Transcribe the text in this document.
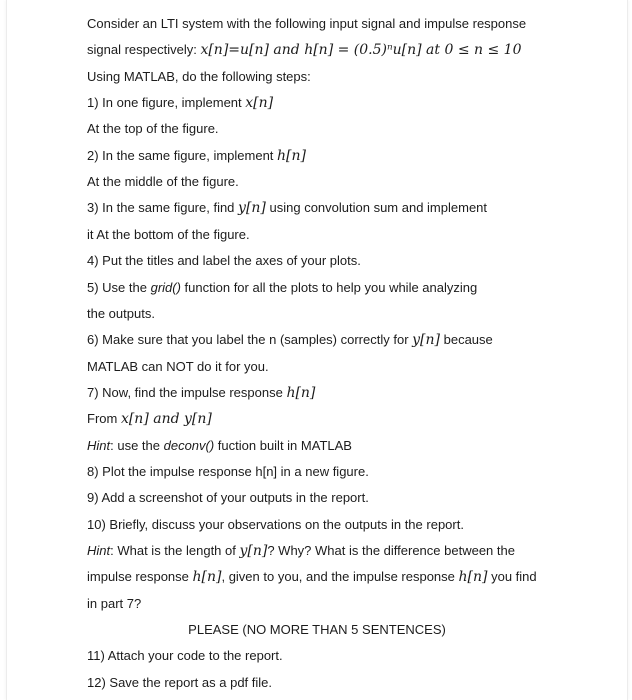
Consider an LTI system with the following input signal and impulse response
signal respectively: x[n]=u[n] and h[n] = (0.5)ⁿu[n] at 0 ≤ n ≤ 10
Using MATLAB, do the following steps:
1) In one figure, implement x[n]
At the top of the figure.
2) In the same figure, implement h[n]
At the middle of the figure.
3) In the same figure, find y[n] using convolution sum and implement
it At the bottom of the figure.
4) Put the titles and label the axes of your plots.
5) Use the grid() function for all the plots to help you while analyzing
the outputs.
6) Make sure that you label the n (samples) correctly for y[n] because
MATLAB can NOT do it for you.
7) Now, find the impulse response h[n]
From x[n] and y[n]
Hint: use the deconv() fuction built in MATLAB
8) Plot the impulse response h[n] in a new figure.
9) Add a screenshot of your outputs in the report.
10) Briefly, discuss your observations on the outputs in the report.
Hint: What is the length of y[n]? Why? What is the difference between the
impulse response h[n], given to you, and the impulse response h[n] you find
in part 7?
PLEASE (NO MORE THAN 5 SENTENCES)
11) Attach your code to the report.
12) Save the report as a pdf file.
